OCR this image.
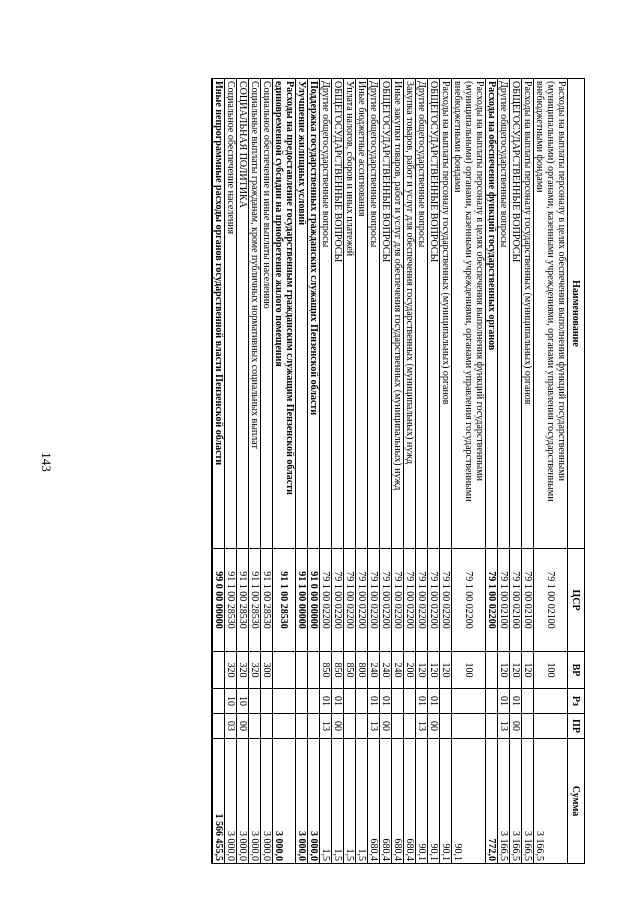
143
Наименование	ЦСР	ВР	Рз	ПР	Сумма
Расходы на выплаты персоналу в целях обеспечения выполнения функций государственными (муниципальными) органами, казенными учреждениями, органами управления государственными внебюджетными фондами	79 1 00 02100	100			3 166,5
Расходы на выплаты персоналу государственных (муниципальных) органов	79 1 00 02100	120			3 166,5
ОБЩЕГОСУДАРСТВЕННЫЕ ВОПРОСЫ	79 1 00 02100	120	01	00	3 166,5
Другие общегосударственные вопросы	79 1 00 02100	120	01	13	3 166,5
Расходы на обеспечение функций государственных органов	79 1 00 02200				772,0
Расходы на выплаты персоналу в целях обеспечения выполнения функций государственными (муниципальными) органами, казенными учреждениями, органами управления государственными внебюджетными фондами	79 1 00 02200	100			90,1
Расходы на выплаты персоналу государственных (муниципальных) органов	79 1 00 02200	120			90,1
ОБЩЕГОСУДАРСТВЕННЫЕ ВОПРОСЫ	79 1 00 02200	120	01	00	90,1
Другие общегосударственные вопросы	79 1 00 02200	120	01	13	90,1
Закупка товаров, работ и услуг для обеспечения государственных (муниципальных) нужд	79 1 00 02200	200			680,4
Иные закупки товаров, работ и услуг для обеспечения государственных (муниципальных) нужд	79 1 00 02200	240			680,4
ОБЩЕГОСУДАРСТВЕННЫЕ ВОПРОСЫ	79 1 00 02200	240	01	00	680,4
Другие общегосударственные вопросы	79 1 00 02200	240	01	13	680,4
Иные бюджетные ассигнования	79 1 00 02200	800			1,5
Уплата налогов, сборов и иных платежей	79 1 00 02200	850			1,5
ОБЩЕГОСУДАРСТВЕННЫЕ ВОПРОСЫ	79 1 00 02200	850	01	00	1,5
Другие общегосударственные вопросы	79 1 00 02200	850	01	13	1,5
Поддержка государственных гражданских служащих Пензенской области	91 0 00 00000				3 000,0
Улучшение жилищных условий	91 1 00 00000				3 000,0
Расходы на предоставление государственным гражданским служащим Пензенской области единовременной субсидии на приобретение жилого помещения	91 1 00 28530				3 000,0
Социальное обеспечение и иные выплаты населению	91 1 00 28530	300			3 000,0
Социальные выплаты гражданам, кроме публичных нормативных социальных выплат	91 1 00 28530	320			3 000,0
СОЦИАЛЬНАЯ ПОЛИТИКА	91 1 00 28530	320	10	00	3 000,0
Социальное обеспечение населения	91 1 00 28530	320	10	03	3 000,0
Иные непрограммные расходы органов государственной власти Пензенской области	99 0 00 00000				1 566 455,5
